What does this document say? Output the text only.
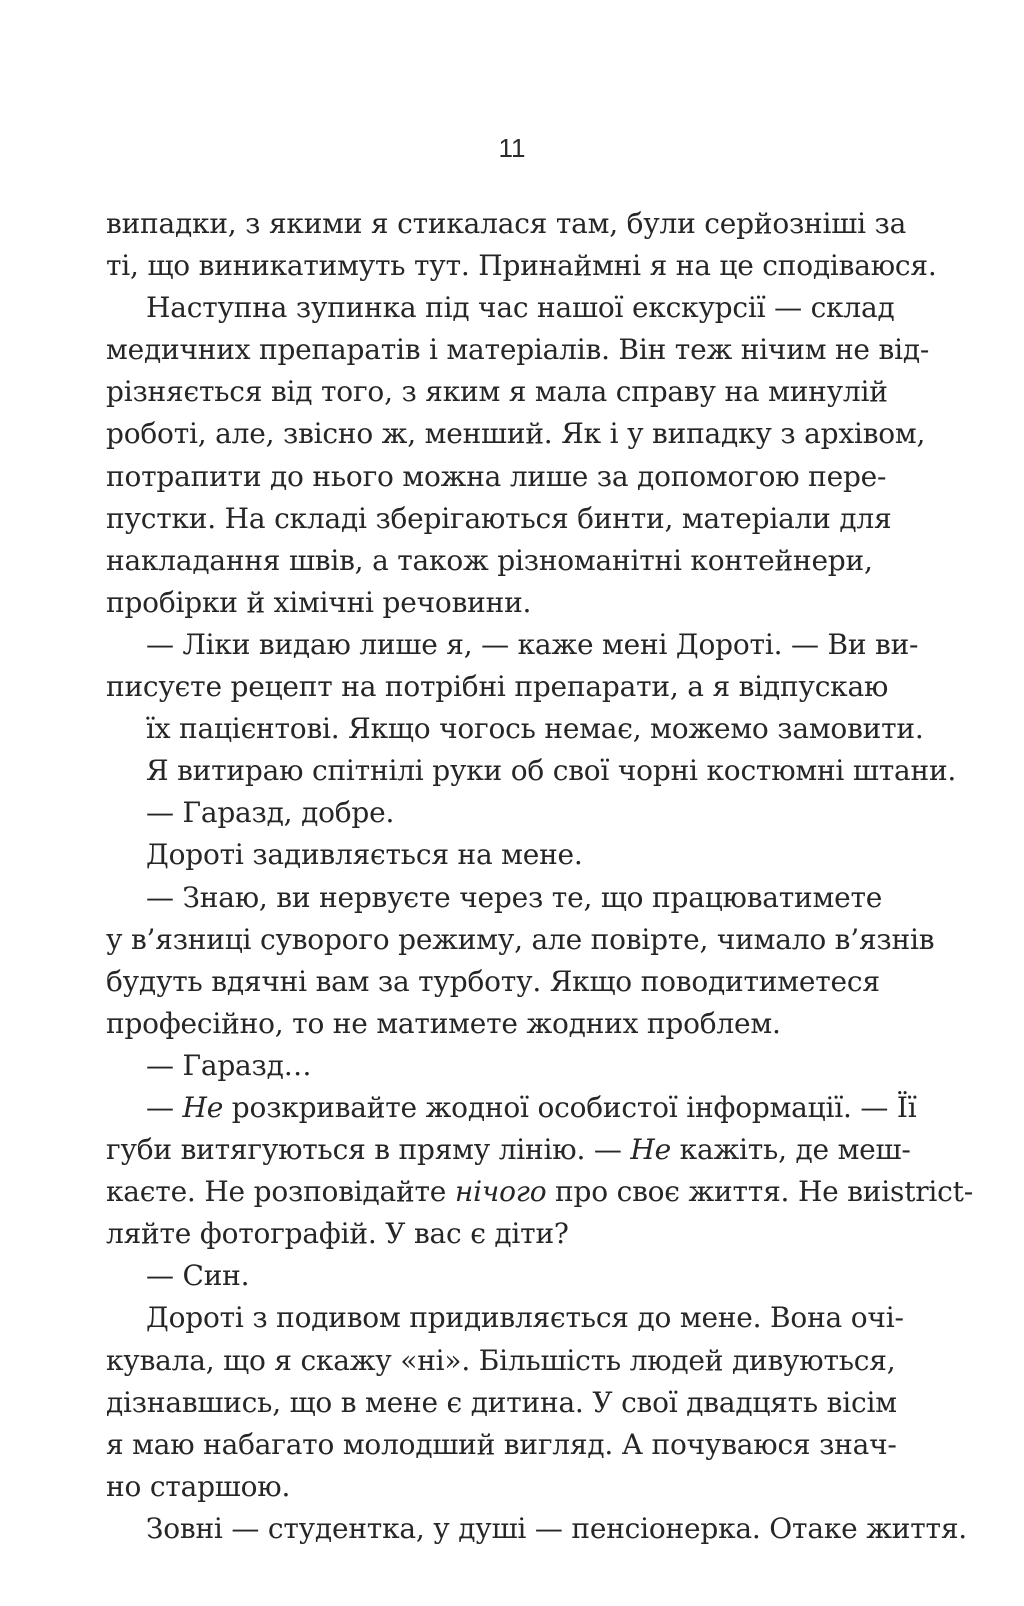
11
випадки, з якими я стикалася там, були серйозніші за
ті, що виникатимуть тут. Принаймні я на це сподіваюся.
Наступна зупинка під час нашої екскурсії — склад
медичних препаратів і матеріалів. Він теж нічим не від-
різняється від того, з яким я мала справу на минулій
роботі, але, звісно ж, менший. Як і у випадку з архівом,
потрапити до нього можна лише за допомогою пере-
пустки. На складі зберігаються бинти, матеріали для
накладання швів, а також різноманітні контейнери,
пробірки й хімічні речовини.
— Ліки видаю лише я, — каже мені Дороті. — Ви ви-
писуєте рецепт на потрібні препарати, а я відпускаю
їх пацієнтові. Якщо чогось немає, можемо замовити.
Я витираю спітнілі руки об свої чорні костюмні штани.
— Гаразд, добре.
Дороті задивляється на мене.
— Знаю, ви нервуєте через те, що працюватимете
у в’язниці суворого режиму, але повірте, чимало в’язнів
будуть вдячні вам за турботу. Якщо поводитиметеся
професійно, то не матимете жодних проблем.
— Гаразд…
— Не розкривайте жодної особистої інформації. — Її
губи витягуються в пряму лінію. — Не кажіть, де меш-
каєте. Не розповідайте нічого про своє життя. Не виistrict-
ляйте фотографій. У вас є діти?
— Син.
Дороті з подивом придивляється до мене. Вона очі-
кувала, що я скажу «ні». Більшість людей дивуються,
дізнавшись, що в мене є дитина. У свої двадцять вісім
я маю набагато молодший вигляд. А почуваюся знач-
но старшою.
Зовні — студентка, у душі — пенсіонерка. Отаке життя.
